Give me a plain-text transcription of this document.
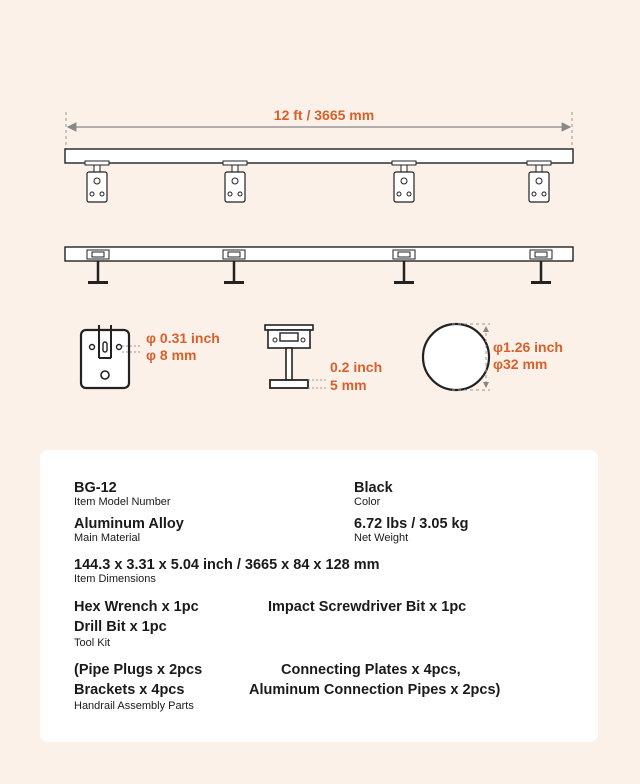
12 ft / 3665 mm
φ 0.31 inch
φ 8 mm
0.2 inch
5 mm
φ1.26 inch
φ32 mm
BG-12
Item Model Number
Black
Color
Aluminum Alloy
Main Material
6.72 lbs / 3.05 kg
Net Weight
144.3 x 3.31 x 5.04 inch / 3665 x 84 x 128 mm
Item Dimensions
Hex Wrench x 1pc	Impact Screwdriver Bit x 1pc
Drill Bit x 1pc
Tool Kit
(Pipe Plugs x 2pcs	Connecting Plates x 4pcs,
Brackets x 4pcs	Aluminum Connection Pipes x 2pcs)
Handrail Assembly Parts
